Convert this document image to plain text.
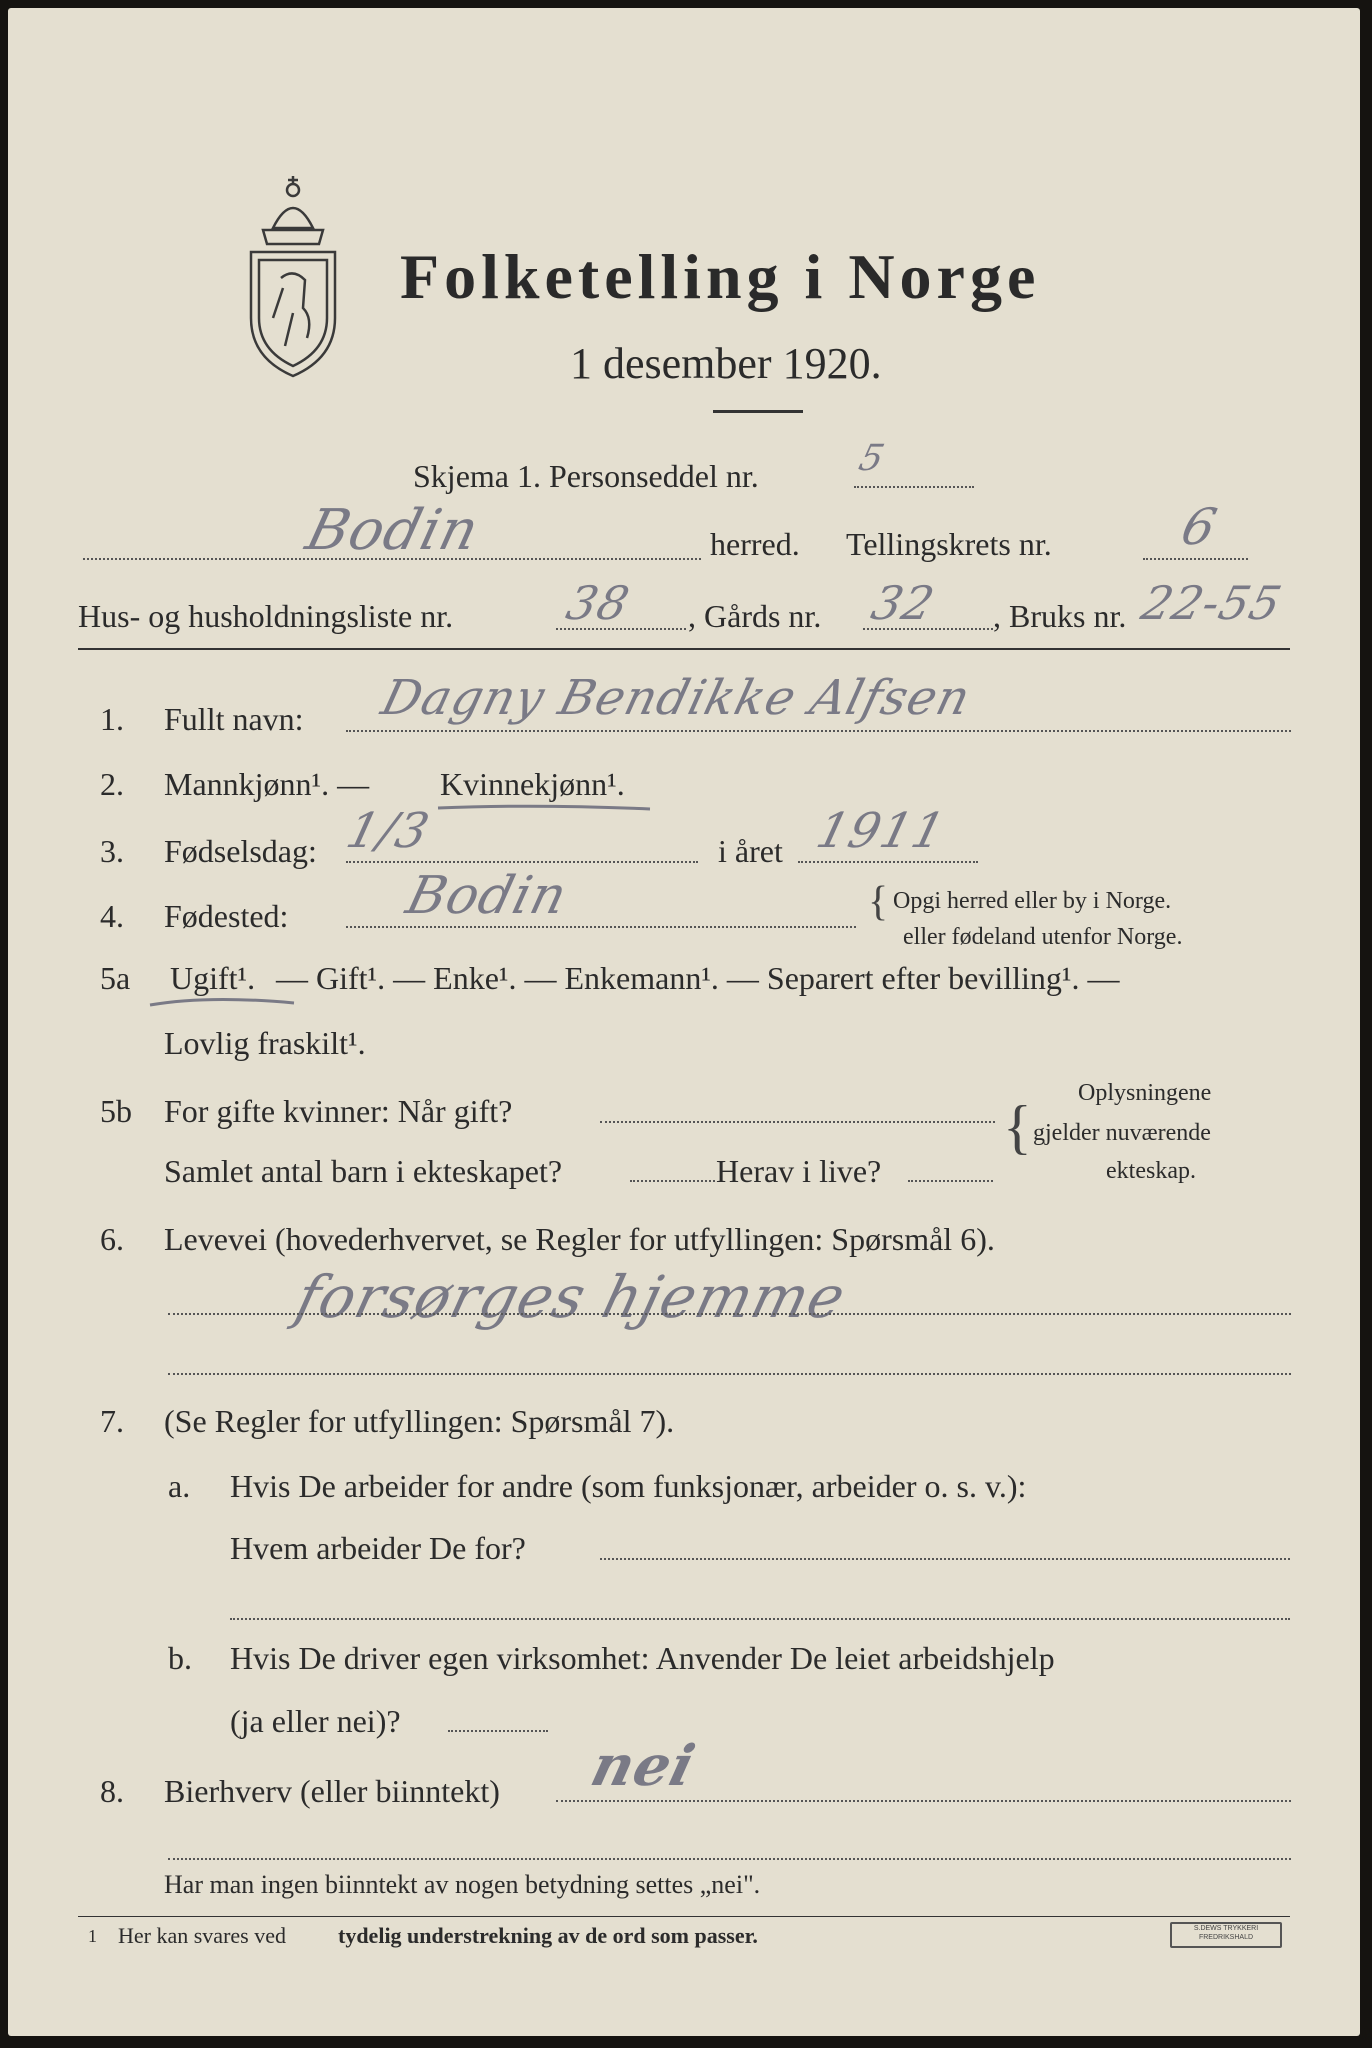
Folketelling i Norge
1 desember 1920.
Skjema 1. Personseddel nr.	5
Bodin	herred. Tellingskrets nr. 6
Hus- og husholdningsliste nr. 38 , Gårds nr. 32 , Bruks nr. 22-55
1. Fullt navn: Dagny Bendikke Alfsen
2. Mannkjønn¹. — Kvinnekjønn¹.
3. Fødselsdag: 1/3	i året 1911
4. Fødested: Bodin	{ Opgi herred eller by i Norge.
eller fødeland utenfor Norge.
5a Ugift¹. — Gift¹. — Enke¹. — Enkemann¹. — Separert efter bevilling¹. —
Lovlig fraskilt¹.
5b For gifte kvinner: Når gift?
Samlet antal barn i ekteskapet?	Herav i live?
{
Oplysningene
gjelder nuværende
ekteskap.
6. Levevei (hovederhvervet, se Regler for utfyllingen: Spørsmål 6).
forsørges hjemme
7. (Se Regler for utfyllingen: Spørsmål 7).
a. Hvis De arbeider for andre (som funksjonær, arbeider o. s. v.):
Hvem arbeider De for?
b. Hvis De driver egen virksomhet: Anvender De leiet arbeidshjelp
(ja eller nei)?
8. Bierhverv (eller biinntekt) nei
Har man ingen biinntekt av nogen betydning settes „nei".
1 Her kan svares ved tydelig understrekning av de ord som passer.	S.DEWS TRYKKERI FREDRIKSHALD
